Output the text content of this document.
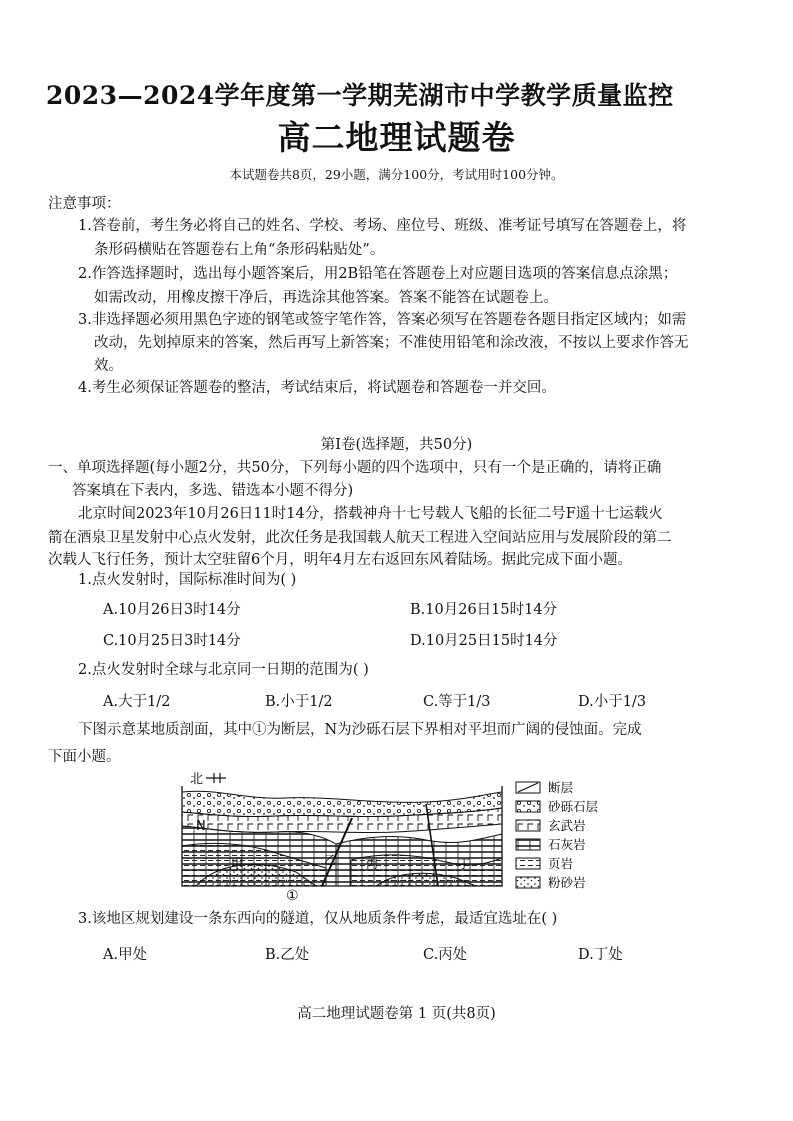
2023—2024学年度第一学期芜湖市中学教学质量监控
高二地理试题卷
本试题卷共8页，29小题，满分100分，考试用时100分钟。
注意事项：
1.答卷前，考生务必将自己的姓名、学校、考场、座位号、班级、准考证号填写在答题卷上，将
条形码横贴在答题卷右上角“条形码粘贴处”。
2.作答选择题时，选出每小题答案后，用2B铅笔在答题卷上对应题目选项的答案信息点涂黑；
如需改动，用橡皮擦干净后，再选涂其他答案。答案不能答在试题卷上。
3.非选择题必须用黑色字迹的钢笔或签字笔作答，答案必须写在答题卷各题目指定区域内；如需
改动，先划掉原来的答案，然后再写上新答案；不准使用铅笔和涂改液，不按以上要求作答无
效。
4.考生必须保证答题卷的整洁，考试结束后，将试题卷和答题卷一并交回。
第Ⅰ卷(选择题，共50分)
一、单项选择题(每小题2分，共50分，下列每小题的四个选项中，只有一个是正确的，请将正确
答案填在下表内，多选、错选本小题不得分)
北京时间2023年10月26日11时14分，搭载神舟十七号载人飞船的长征二号F遥十七运载火
箭在酒泉卫星发射中心点火发射，此次任务是我国载人航天工程进入空间站应用与发展阶段的第二
次载人飞行任务，预计太空驻留6个月，明年4月左右返回东风着陆场。据此完成下面小题。
1.点火发射时，国际标准时间为( )
A.10月26日3时14分	B.10月26日15时14分
C.10月25日3时14分	D.10月25日15时14分
2.点火发射时全球与北京同一日期的范围为( )
A.大于1/2	B.小于1/2	C.等于1/3	D.小于1/3
下图示意某地质剖面，其中①为断层，N为沙砾石层下界相对平坦而广阔的侵蚀面。完成
下面小题。
北
N
甲	乙 丙	丁
①
断层
砂砾石层
玄武岩
石灰岩
页岩
粉砂岩
3.该地区规划建设一条东西向的隧道，仅从地质条件考虑，最适宜选址在( )
A.甲处	B.乙处	C.丙处	D.丁处
高二地理试题卷第 1 页(共8页)
